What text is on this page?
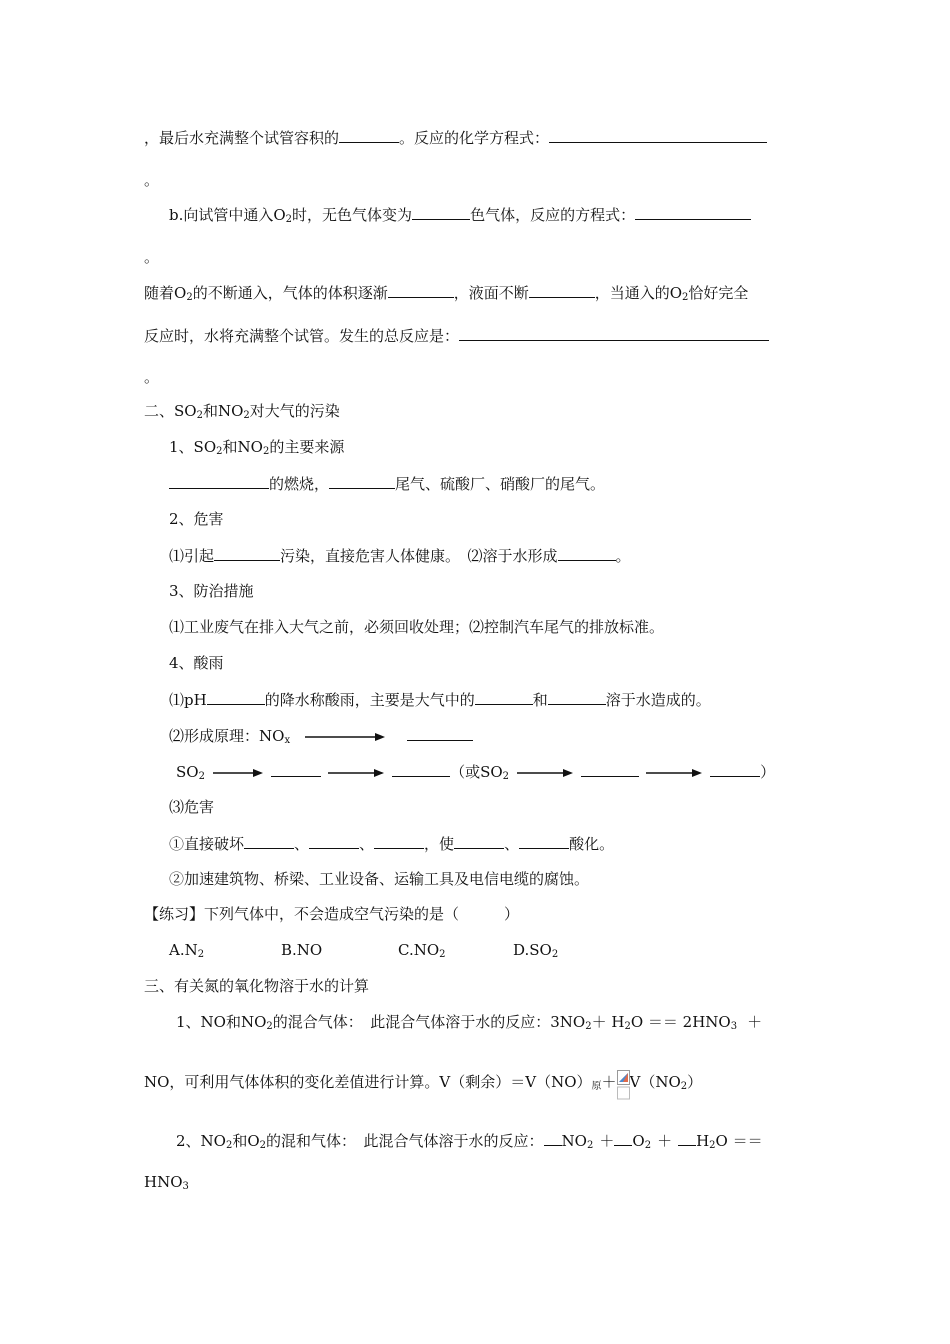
，最后水充满整个试管容积的	。反应的化学方程式：
。
b.向试管中通入$O_2$时，无色气体变为	色气体，反应的方程式：
。
随着$O_2$的不断通入，气体的体积逐渐	，液面不断	，当通入的$O_2$恰好完全
反应时，水将充满整个试管。发生的总反应是：
。
二、$SO_2$和$NO_2$对大气的污染
1、$SO_2$和$NO_2$的主要来源
的燃烧，	尾气、硫酸厂、硝酸厂的尾气。
2、危害
⑴引起	污染，直接危害人体健康。　⑵溶于水形成	。
3、防治措施
⑴工业废气在排入大气之前，必须回收处理；⑵控制汽车尾气的排放标准。
4、酸雨
⑴pH	的降水称酸雨，主要是大气中的	和	溶于水造成的。
⑵形成原理：$NO_x$
$SO_2$	（或$SO_2$	）
⑶危害
①直接破坏	、	、	，使	、	酸化。
②加速建筑物、桥梁、工业设备、运输工具及电信电缆的腐蚀。
【练习】下列气体中，不会造成空气污染的是（　　　）
$A.N_2$	B.NO	$C.NO_2$	$D.SO_2$
三、有关氮的氧化物溶于水的计算
1、NO和$NO_2$的混合气体：　此混合气体溶于水的反应：$3NO_2+ H_2O == 2HNO_3$ ＋
NO，可利用气体体积的变化差值进行计算。V（剩余）$=V(NO)_原+ V(NO_2)$
2、$NO_2$和$O_2$的混和气体：　此混合气体溶于水的反应： $NO_2 + O_2 + H_2O$ ＝＝
$HNO_3$
